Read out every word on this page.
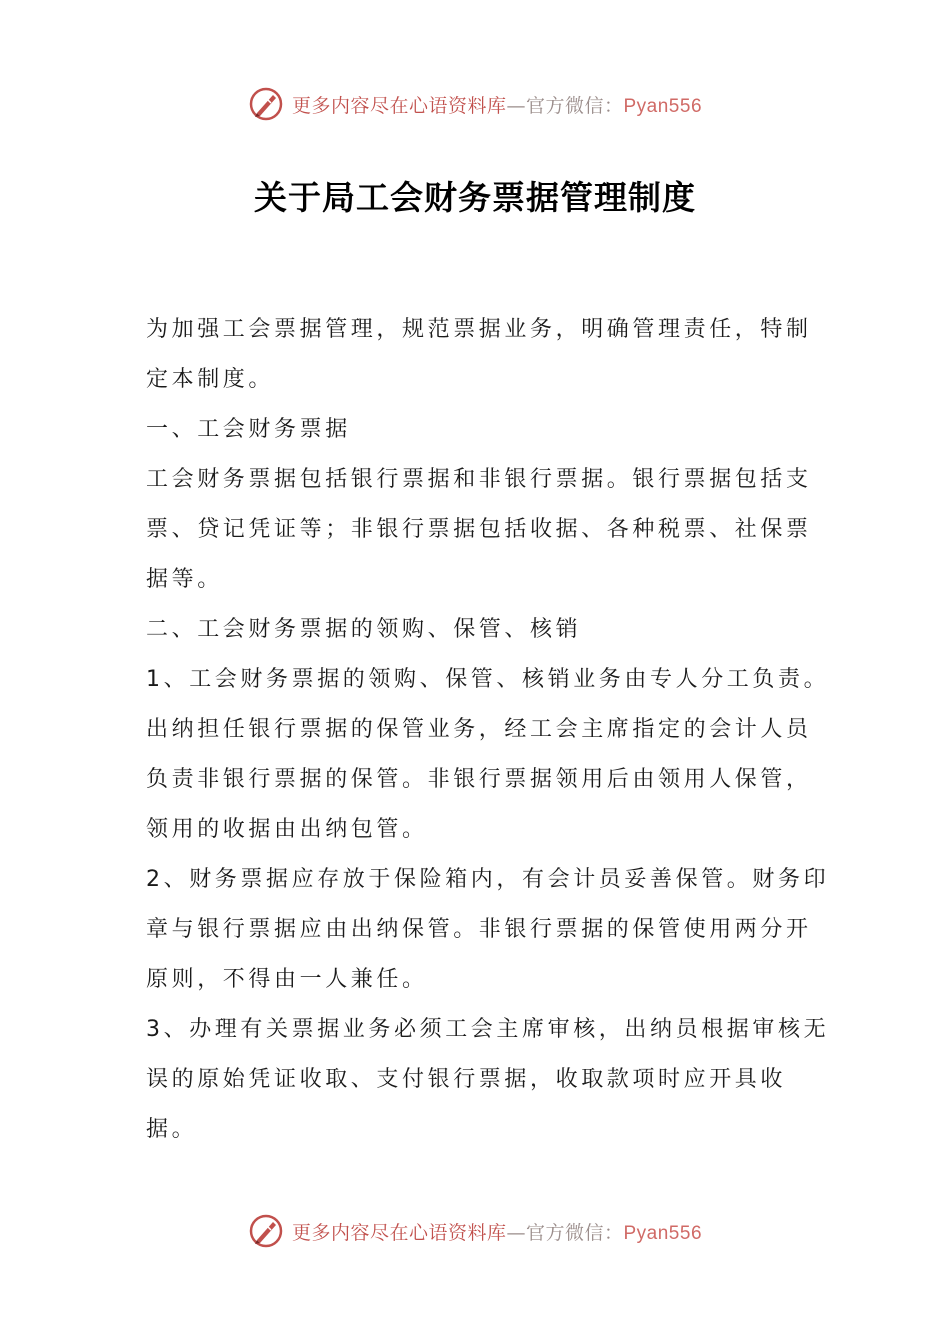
更多内容尽在心语资料库—官方微信：Pyan556
关于局工会财务票据管理制度

为加强工会票据管理，规范票据业务，明确管理责任，特制定本制度。

一、工会财务票据

工会财务票据包括银行票据和非银行票据。银行票据包括支票、贷记凭证等；非银行票据包括收据、各种税票、社保票据等。

二、工会财务票据的领购、保管、核销

1、工会财务票据的领购、保管、核销业务由专人分工负责。出纳担任银行票据的保管业务，经工会主席指定的会计人员负责非银行票据的保管。非银行票据领用后由领用人保管，领用的收据由出纳包管。

2、财务票据应存放于保险箱内，有会计员妥善保管。财务印章与银行票据应由出纳保管。非银行票据的保管使用两分开原则，不得由一人兼任。

3、办理有关票据业务必须工会主席审核，出纳员根据审核无误的原始凭证收取、支付银行票据，收取款项时应开具收据。

更多内容尽在心语资料库—官方微信：Pyan556
